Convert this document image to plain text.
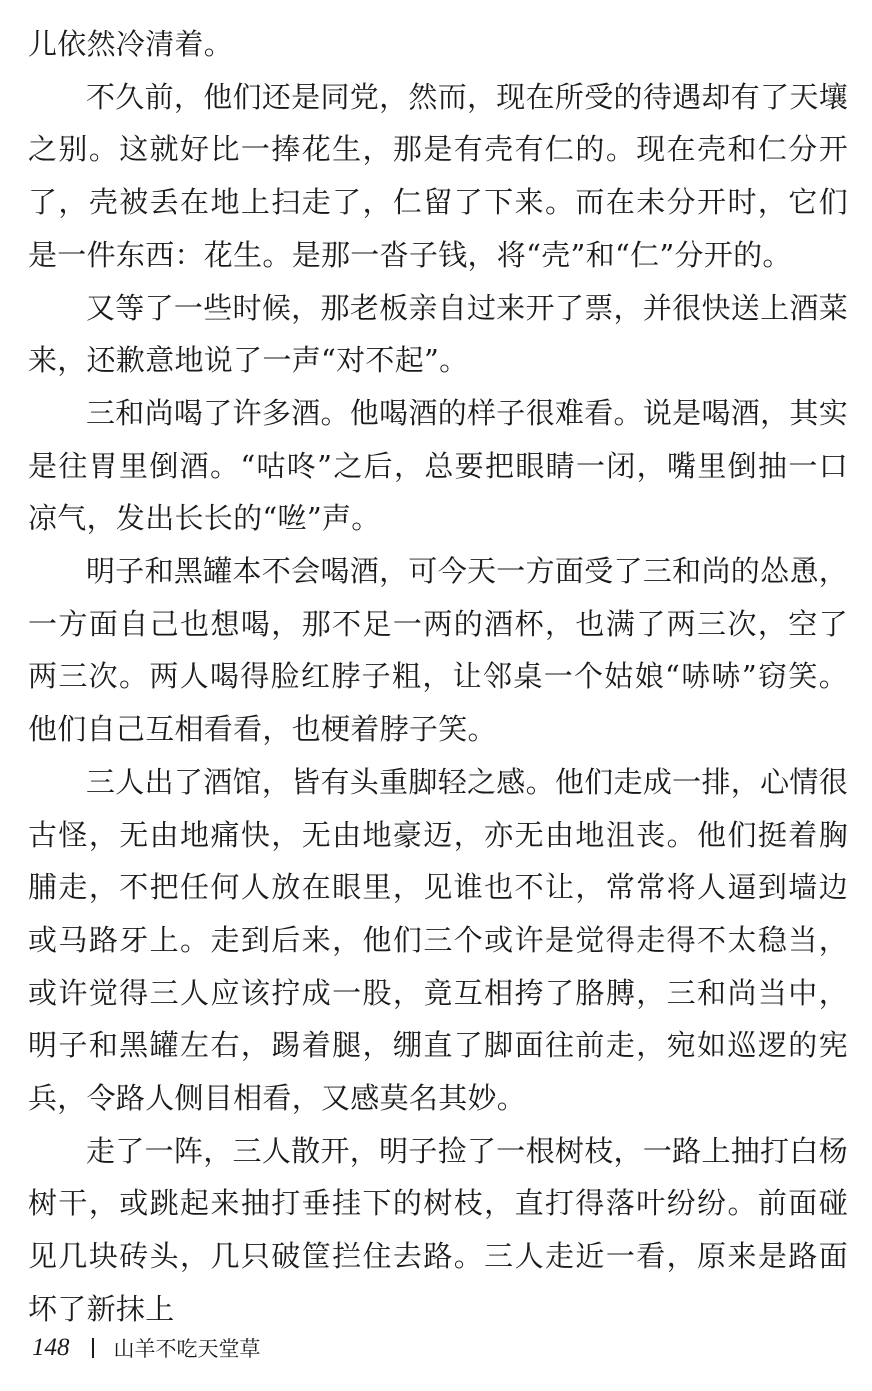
儿依然冷清着。

不久前，他们还是同党，然而，现在所受的待遇却有了天壤之别。这就好比一捧花生，那是有壳有仁的。现在壳和仁分开了，壳被丢在地上扫走了，仁留了下来。而在未分开时，它们是一件东西：花生。是那一沓子钱，将“壳”和“仁”分开的。

又等了一些时候，那老板亲自过来开了票，并很快送上酒菜来，还歉意地说了一声“对不起”。

三和尚喝了许多酒。他喝酒的样子很难看。说是喝酒，其实是往胃里倒酒。“咕咚”之后，总要把眼睛一闭，嘴里倒抽一口凉气，发出长长的“咝”声。

明子和黑罐本不会喝酒，可今天一方面受了三和尚的怂恿，一方面自己也想喝，那不足一两的酒杯，也满了两三次，空了两三次。两人喝得脸红脖子粗，让邻桌一个姑娘“哧哧”窃笑。他们自己互相看看，也梗着脖子笑。

三人出了酒馆，皆有头重脚轻之感。他们走成一排，心情很古怪，无由地痛快，无由地豪迈，亦无由地沮丧。他们挺着胸脯走，不把任何人放在眼里，见谁也不让，常常将人逼到墙边或马路牙上。走到后来，他们三个或许是觉得走得不太稳当，或许觉得三人应该拧成一股，竟互相挎了胳膊，三和尚当中，明子和黑罐左右，踢着腿，绷直了脚面往前走，宛如巡逻的宪兵，令路人侧目相看，又感莫名其妙。

走了一阵，三人散开，明子捡了一根树枝，一路上抽打白杨树干，或跳起来抽打垂挂下的树枝，直打得落叶纷纷。前面碰见几块砖头，几只破筐拦住去路。三人走近一看，原来是路面坏了新抹上

148 山羊不吃天堂草
